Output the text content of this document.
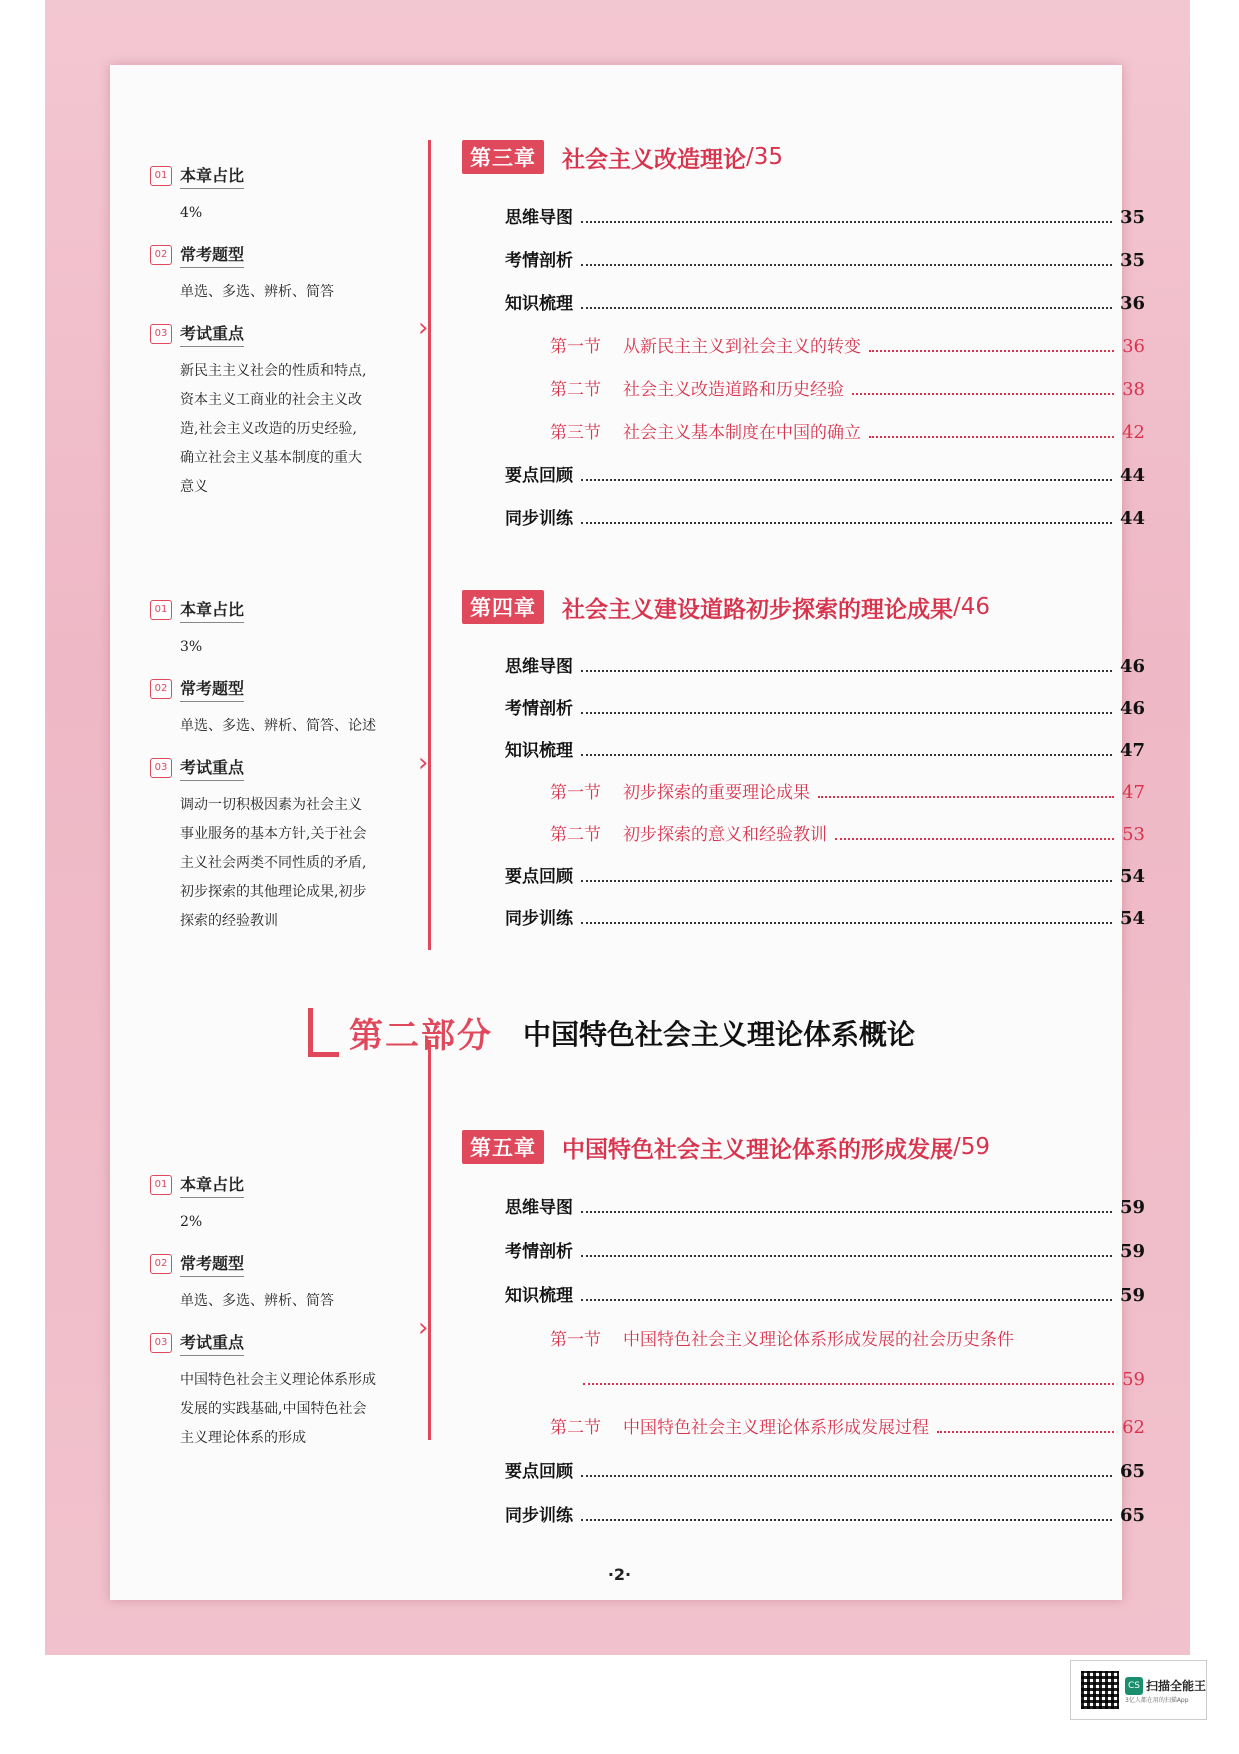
›
›
›
01 本章占比
4%
02 常考题型
单选、多选、辨析、简答
03 考试重点
新民主主义社会的性质和特点,资本主义工商业的社会主义改造,社会主义改造的历史经验,确立社会主义基本制度的重大意义
01 本章占比
3%
02 常考题型
单选、多选、辨析、简答、论述
03 考试重点
调动一切积极因素为社会主义事业服务的基本方针,关于社会主义社会两类不同性质的矛盾,初步探索的其他理论成果,初步探索的经验教训
01 本章占比
2%
02 常考题型
单选、多选、辨析、简答
03 考试重点
中国特色社会主义理论体系形成发展的实践基础,中国特色社会主义理论体系的形成
第三章	社会主义改造理论 /35
思维导图	35
考情剖析	35
知识梳理	36
第一节 从新民主主义到社会主义的转变	36
第二节 社会主义改造道路和历史经验	38
第三节 社会主义基本制度在中国的确立	42
要点回顾	44
同步训练	44
第四章	社会主义建设道路初步探索的理论成果 /46
思维导图	46
考情剖析	46
知识梳理	47
第一节 初步探索的重要理论成果	47
第二节 初步探索的意义和经验教训	53
要点回顾	54
同步训练	54
第二部分 中国特色社会主义理论体系概论
第五章	中国特色社会主义理论体系的形成发展 /59
思维导图	59
考情剖析	59
知识梳理	59
第一节 中国特色社会主义理论体系形成发展的社会历史条件
59
第二节 中国特色社会主义理论体系形成发展过程	62
要点回顾	65
同步训练	65
·2·
CS 扫描全能王
3亿人都在用的扫描App
